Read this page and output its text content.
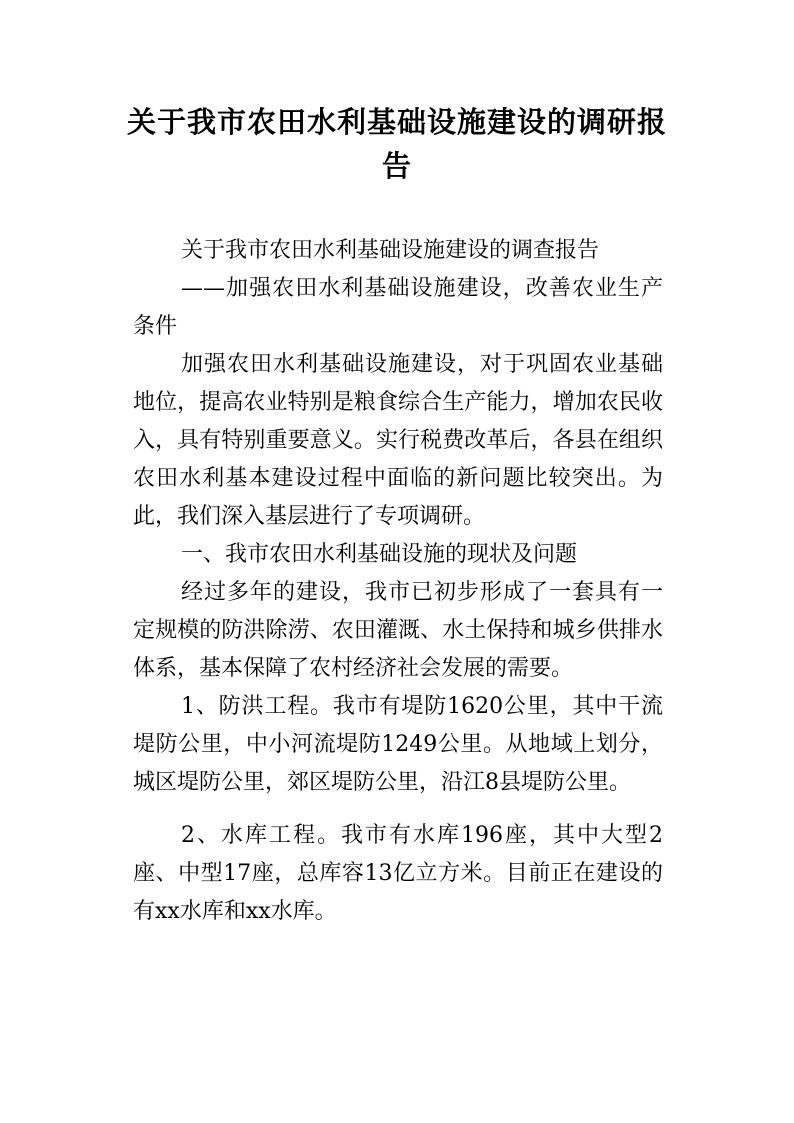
关于我市农田水利基础设施建设的调研报告

关于我市农田水利基础设施建设的调查报告

——加强农田水利基础设施建设，改善农业生产条件

加强农田水利基础设施建设，对于巩固农业基础地位，提高农业特别是粮食综合生产能力，增加农民收入，具有特别重要意义。实行税费改革后，各县在组织农田水利基本建设过程中面临的新问题比较突出。为此，我们深入基层进行了专项调研。

一、我市农田水利基础设施的现状及问题

经过多年的建设，我市已初步形成了一套具有一定规模的防洪除涝、农田灌溉、水土保持和城乡供排水体系，基本保障了农村经济社会发展的需要。

1、防洪工程。我市有堤防1620公里，其中干流堤防公里，中小河流堤防1249公里。从地域上划分，城区堤防公里，郊区堤防公里，沿江8县堤防公里。

2、水库工程。我市有水库196座，其中大型2座、中型17座，总库容13亿立方米。目前正在建设的有xx水库和xx水库。
